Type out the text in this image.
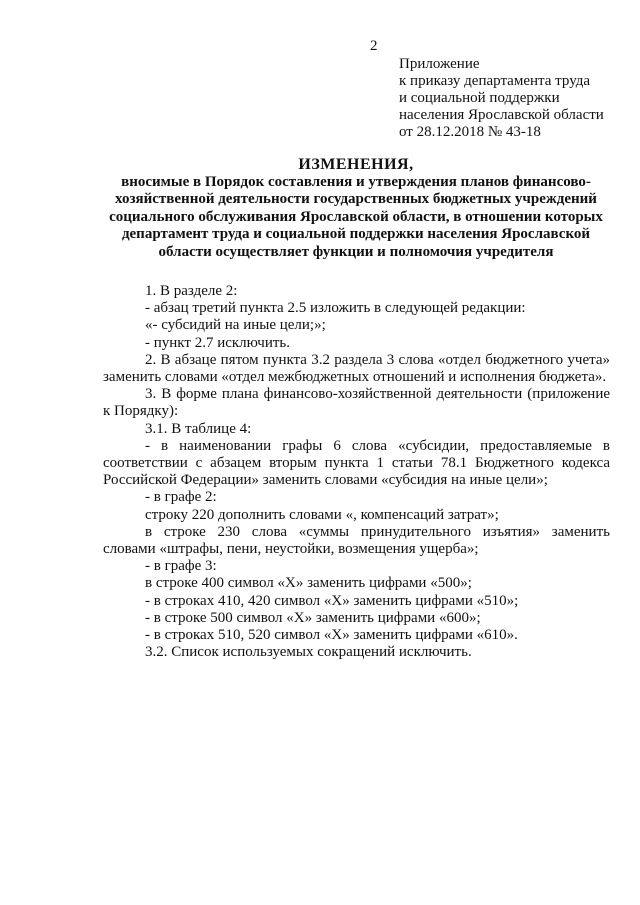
2
Приложение
к приказу департамента труда
и социальной поддержки
населения Ярославской области
от 28.12.2018 № 43-18
ИЗМЕНЕНИЯ,
вносимые в Порядок составления и утверждения планов финансово-хозяйственной деятельности государственных бюджетных учреждений социального обслуживания Ярославской области, в отношении которых департамент труда и социальной поддержки населения Ярославской области осуществляет функции и полномочия учредителя

1. В разделе 2:

- абзац третий пункта 2.5 изложить в следующей редакции:

«- субсидий на иные цели;»;

- пункт 2.7 исключить.

2. В абзаце пятом пункта 3.2 раздела 3 слова «отдел бюджетного учета» заменить словами «отдел межбюджетных отношений и исполнения бюджета».

3. В форме плана финансово-хозяйственной деятельности (приложение к Порядку):

3.1. В таблице 4:

- в наименовании графы 6 слова «субсидии, предоставляемые в соответствии с абзацем вторым пункта 1 статьи 78.1 Бюджетного кодекса Российской Федерации» заменить словами «субсидия на иные цели»;

- в графе 2:

строку 220 дополнить словами «, компенсаций затрат»;

в строке 230 слова «суммы принудительного изъятия» заменить словами «штрафы, пени, неустойки, возмещения ущерба»;

- в графе 3:

в строке 400 символ «Х» заменить цифрами «500»;

- в строках 410, 420 символ «Х» заменить цифрами «510»;

- в строке 500 символ «Х» заменить цифрами «600»;

- в строках 510, 520 символ «Х» заменить цифрами «610».

3.2. Список используемых сокращений исключить.
